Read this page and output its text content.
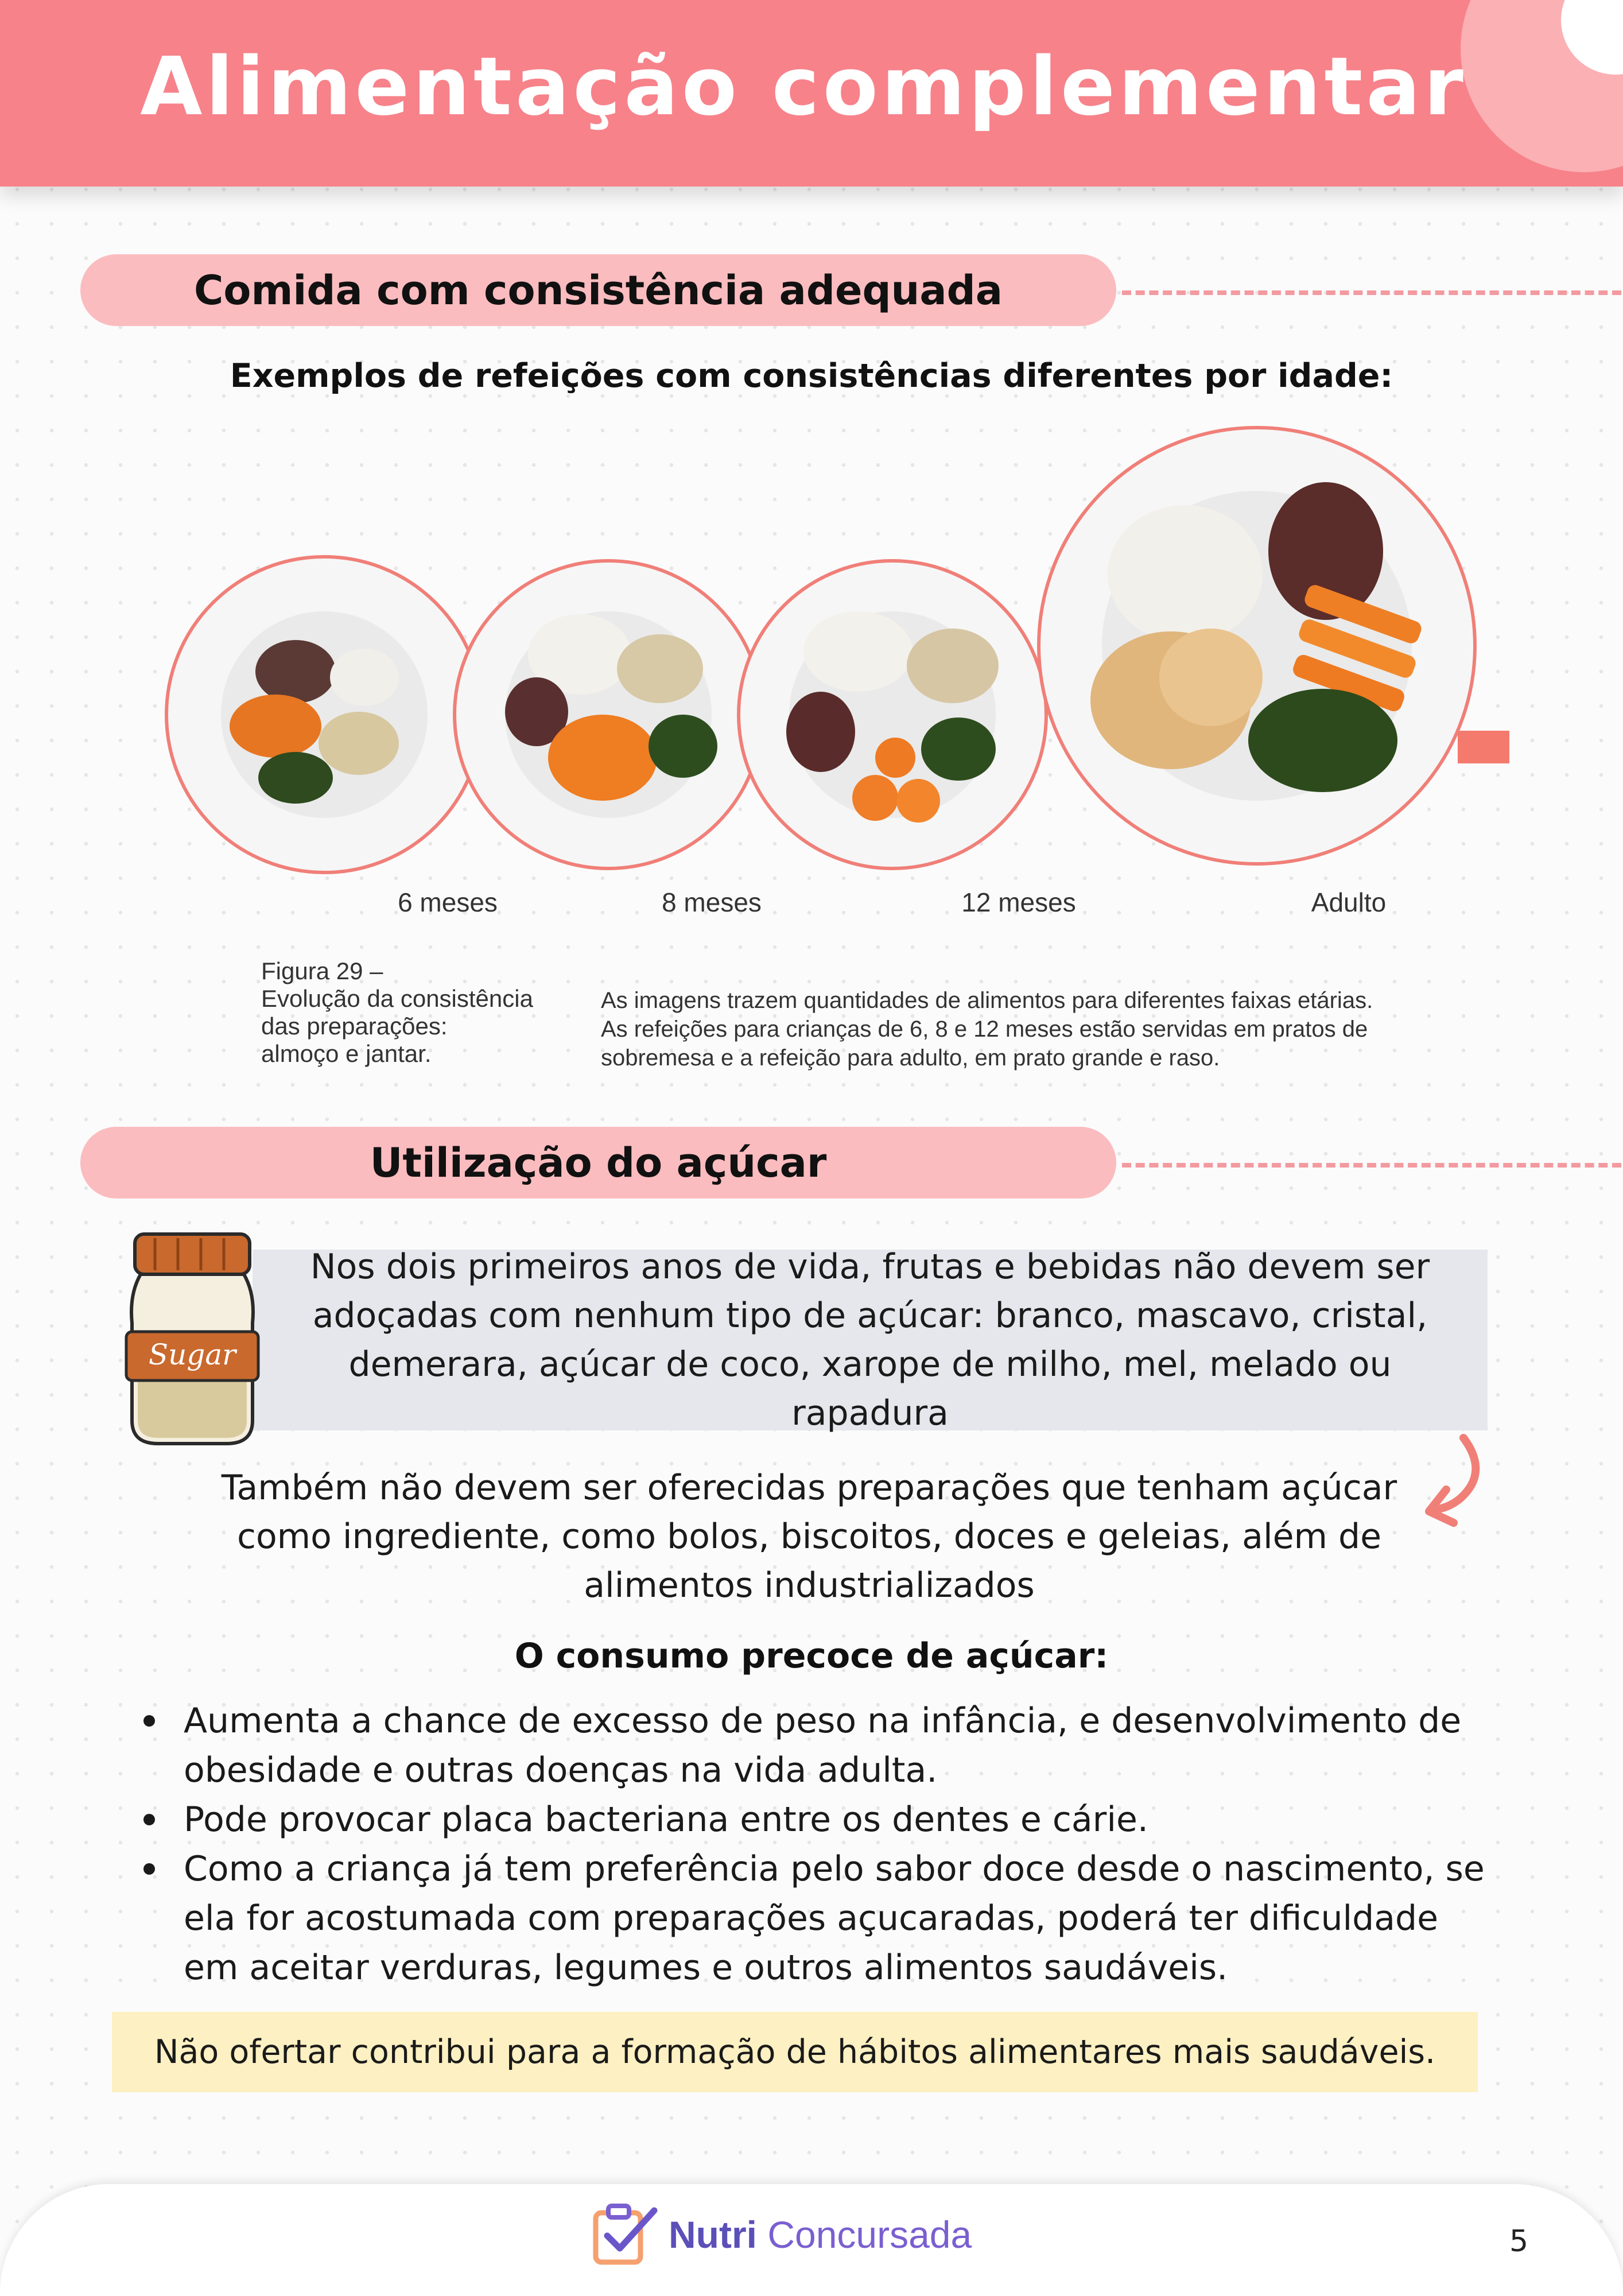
Alimentação complementar
Comida com consistência adequada
Exemplos de refeições com consistências diferentes por idade:
6 meses	8 meses	12 meses	Adulto
Figura 29 –
Evolução da consistência
das preparações:
almoço e jantar.
As imagens trazem quantidades de alimentos para diferentes faixas etárias. As refeições para crianças de 6, 8 e 12 meses estão servidas em pratos de sobremesa e a refeição para adulto, em prato grande e raso.
Utilização do açúcar
Nos dois primeiros anos de vida, frutas e bebidas não devem ser adoçadas com nenhum tipo de açúcar: branco, mascavo, cristal, demerara, açúcar de coco, xarope de milho, mel, melado ou rapadura
Sugar
Também não devem ser oferecidas preparações que tenham açúcar como ingrediente, como bolos, biscoitos, doces e geleias, além de alimentos industrializados
O consumo precoce de açúcar:
Aumenta a chance de excesso de peso na infância, e desenvolvimento de obesidade e outras doenças na vida adulta.
Pode provocar placa bacteriana entre os dentes e cárie.
Como a criança já tem preferência pelo sabor doce desde o nascimento, se ela for acostumada com preparações açucaradas, poderá ter dificuldade em aceitar verduras, legumes e outros alimentos saudáveis.
Não ofertar contribui para a formação de hábitos alimentares mais saudáveis.
Nutri Concursada	5
